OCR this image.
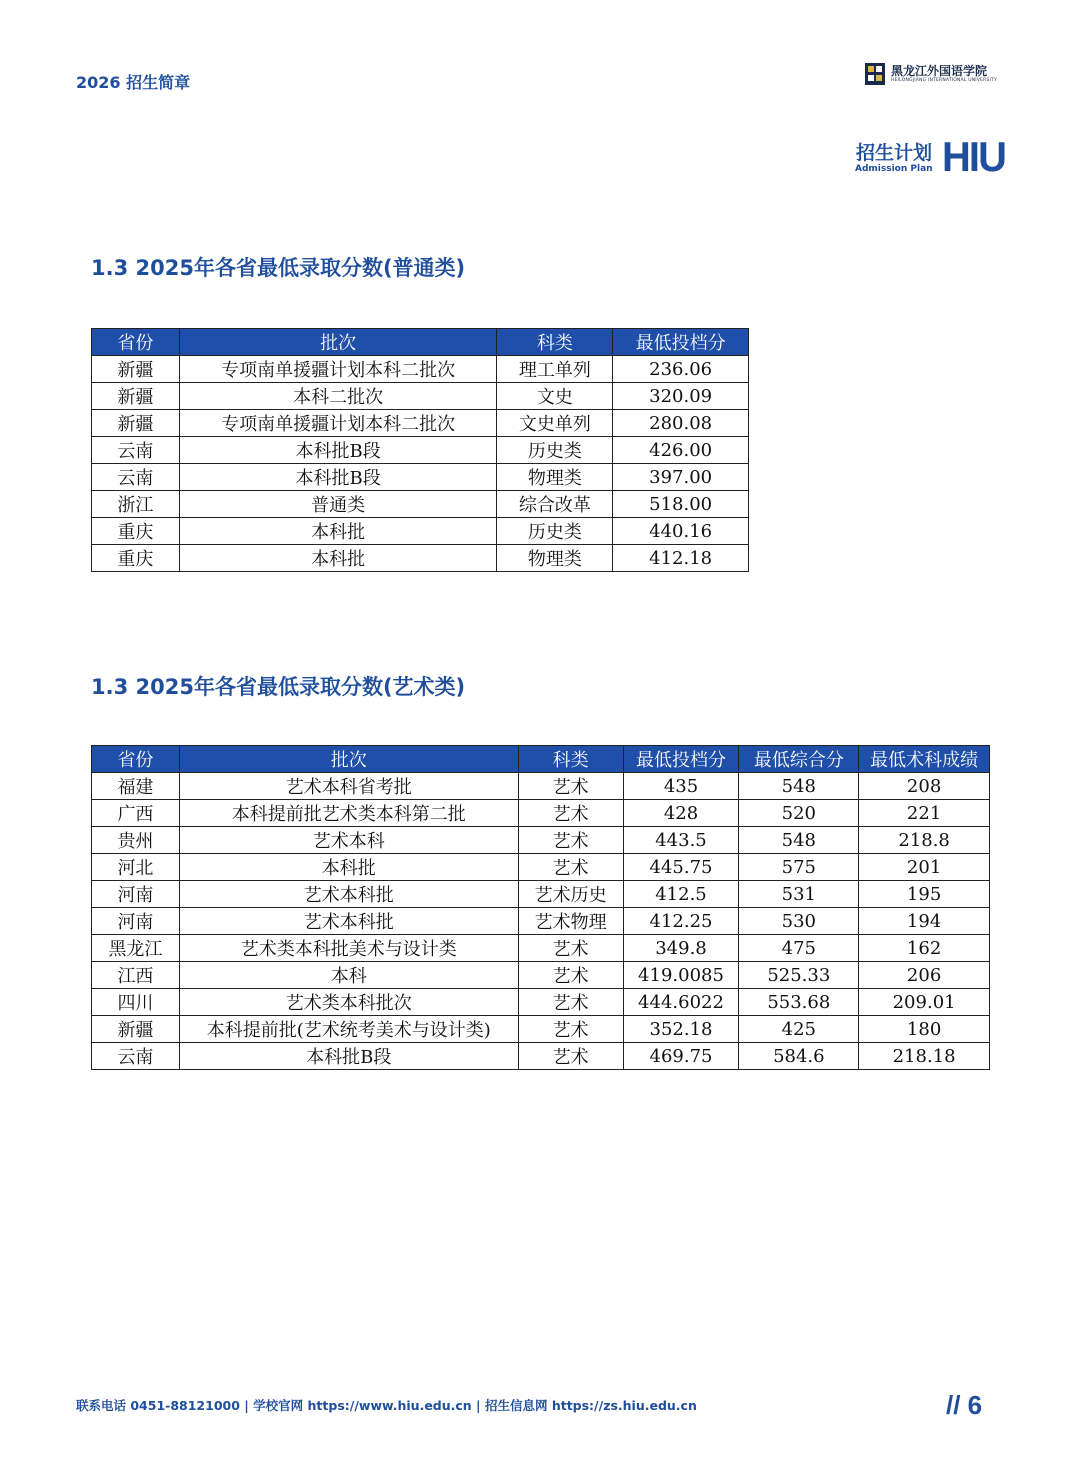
2026 招生简章
黑龙江外国语学院
HEILONGJIANG INTERNATIONAL UNIVERSITY
招生计划
Admission Plan HIU
1.3 2025年各省最低录取分数(普通类)
省份	批次	科类	最低投档分
新疆	专项南单援疆计划本科二批次	理工单列	236.06
新疆	本科二批次	文史	320.09
新疆	专项南单援疆计划本科二批次	文史单列	280.08
云南	本科批B段	历史类	426.00
云南	本科批B段	物理类	397.00
浙江	普通类	综合改革	518.00
重庆	本科批	历史类	440.16
重庆	本科批	物理类	412.18
1.3 2025年各省最低录取分数(艺术类)
省份	批次	科类	最低投档分	最低综合分	最低术科成绩
福建	艺术本科省考批	艺术	435	548	208
广西	本科提前批艺术类本科第二批	艺术	428	520	221
贵州	艺术本科	艺术	443.5	548	218.8
河北	本科批	艺术	445.75	575	201
河南	艺术本科批	艺术历史	412.5	531	195
河南	艺术本科批	艺术物理	412.25	530	194
黑龙江	艺术类本科批美术与设计类	艺术	349.8	475	162
江西	本科	艺术	419.0085	525.33	206
四川	艺术类本科批次	艺术	444.6022	553.68	209.01
新疆	本科提前批(艺术统考美术与设计类)	艺术	352.18	425	180
云南	本科批B段	艺术	469.75	584.6	218.18
联系电话 0451-88121000 | 学校官网 https://www.hiu.edu.cn | 招生信息网 https://zs.hiu.edu.cn	// 6
